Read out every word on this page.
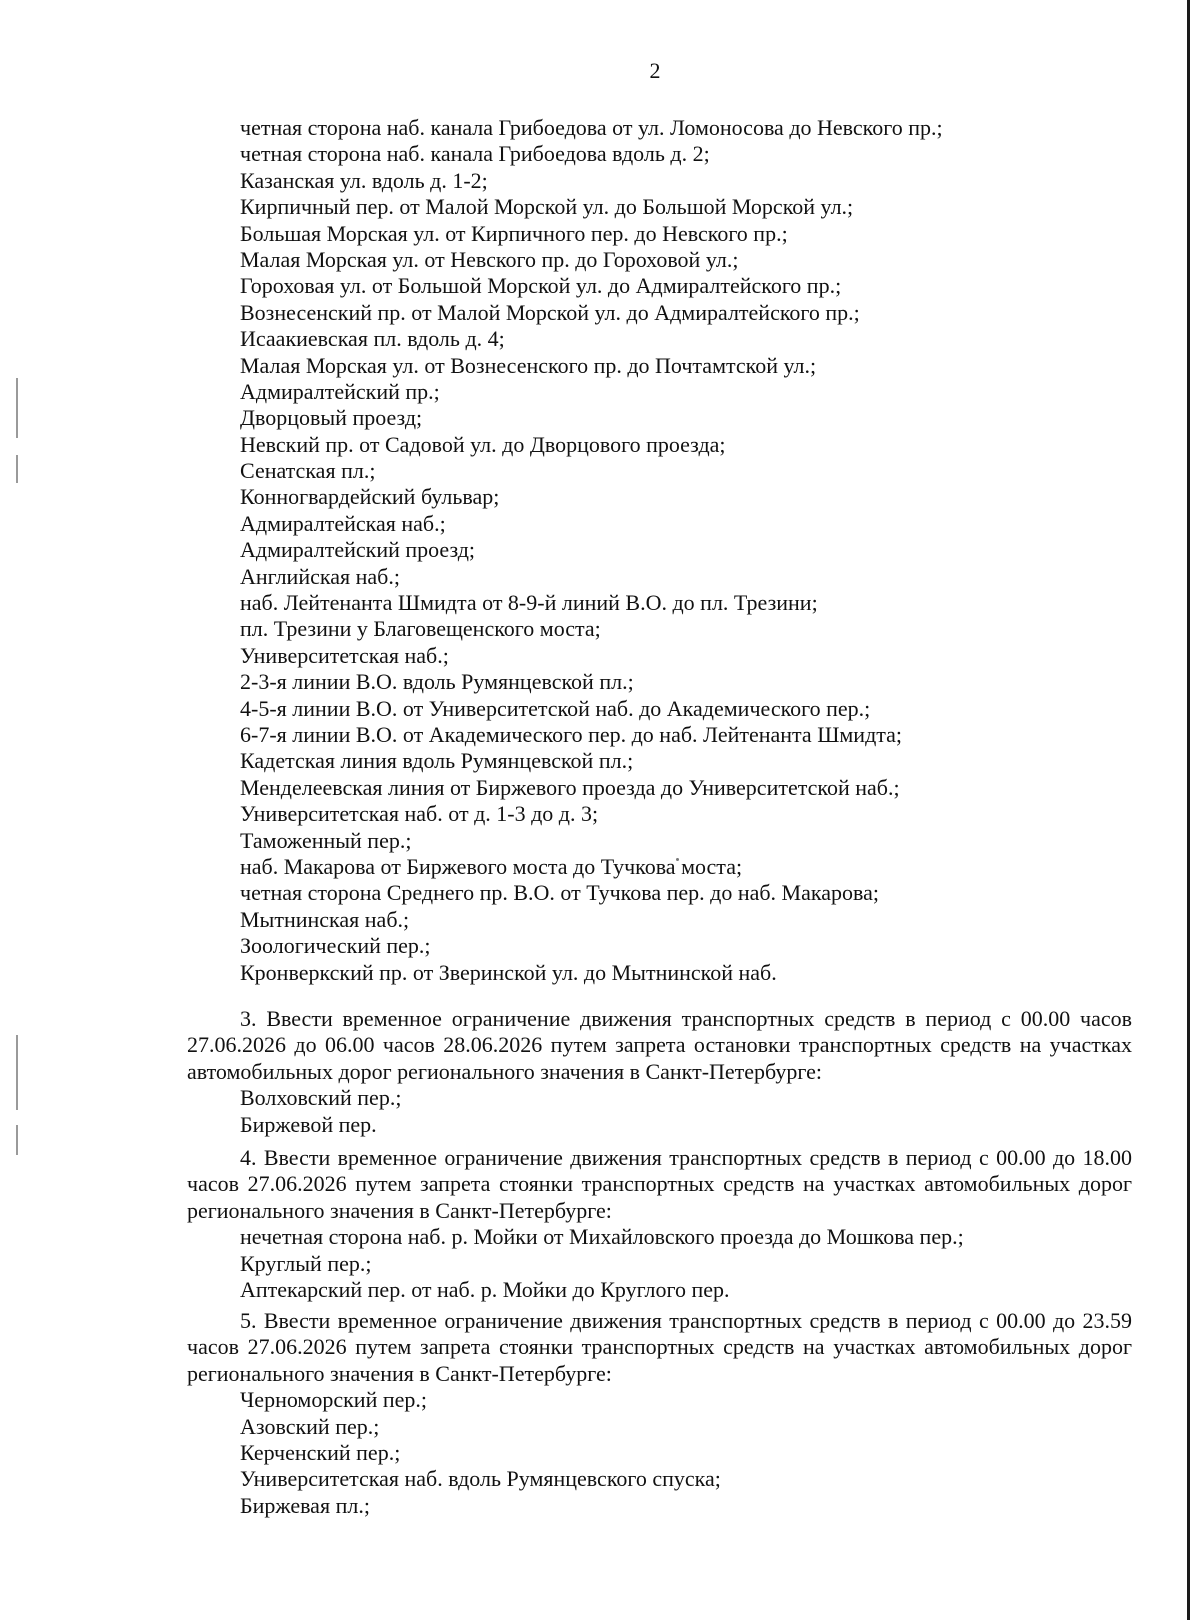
2
четная сторона наб. канала Грибоедова от ул. Ломоносова до Невского пр.;
четная сторона наб. канала Грибоедова вдоль д. 2;
Казанская ул. вдоль д. 1-2;
Кирпичный пер. от Малой Морской ул. до Большой Морской ул.;
Большая Морская ул. от Кирпичного пер. до Невского пр.;
Малая Морская ул. от Невского пр. до Гороховой ул.;
Гороховая ул. от Большой Морской ул. до Адмиралтейского пр.;
Вознесенский пр. от Малой Морской ул. до Адмиралтейского пр.;
Исаакиевская пл. вдоль д. 4;
Малая Морская ул. от Вознесенского пр. до Почтамтской ул.;
Адмиралтейский пр.;
Дворцовый проезд;
Невский пр. от Садовой ул. до Дворцового проезда;
Сенатская пл.;
Конногвардейский бульвар;
Адмиралтейская наб.;
Адмиралтейский проезд;
Английская наб.;
наб. Лейтенанта Шмидта от 8-9-й линий В.О. до пл. Трезини;
пл. Трезини у Благовещенского моста;
Университетская наб.;
2-3-я линии В.О. вдоль Румянцевской пл.;
4-5-я линии В.О. от Университетской наб. до Академического пер.;
6-7-я линии В.О. от Академического пер. до наб. Лейтенанта Шмидта;
Кадетская линия вдоль Румянцевской пл.;
Менделеевская линия от Биржевого проезда до Университетской наб.;
Университетская наб. от д. 1-3 до д. 3;
Таможенный пер.;
наб. Макарова от Биржевого моста до Тучкова моста;
четная сторона Среднего пр. В.О. от Тучкова пер. до наб. Макарова;
Мытнинская наб.;
Зоологический пер.;
Кронверкский пр. от Зверинской ул. до Мытнинской наб.
3. Ввести временное ограничение движения транспортных средств в период с 00.00 часов 27.06.2026 до 06.00 часов 28.06.2026 путем запрета остановки транспортных средств на участках автомобильных дорог регионального значения в Санкт-Петербурге:
Волховский пер.;
Биржевой пер.
4. Ввести временное ограничение движения транспортных средств в период с 00.00 до 18.00 часов 27.06.2026 путем запрета стоянки транспортных средств на участках автомобильных дорог регионального значения в Санкт-Петербурге:
нечетная сторона наб. р. Мойки от Михайловского проезда до Мошкова пер.;
Круглый пер.;
Аптекарский пер. от наб. р. Мойки до Круглого пер.
5. Ввести временное ограничение движения транспортных средств в период с 00.00 до 23.59 часов 27.06.2026 путем запрета стоянки транспортных средств на участках автомобильных дорог регионального значения в Санкт-Петербурге:
Черноморский пер.;
Азовский пер.;
Керченский пер.;
Университетская наб. вдоль Румянцевского спуска;
Биржевая пл.;
